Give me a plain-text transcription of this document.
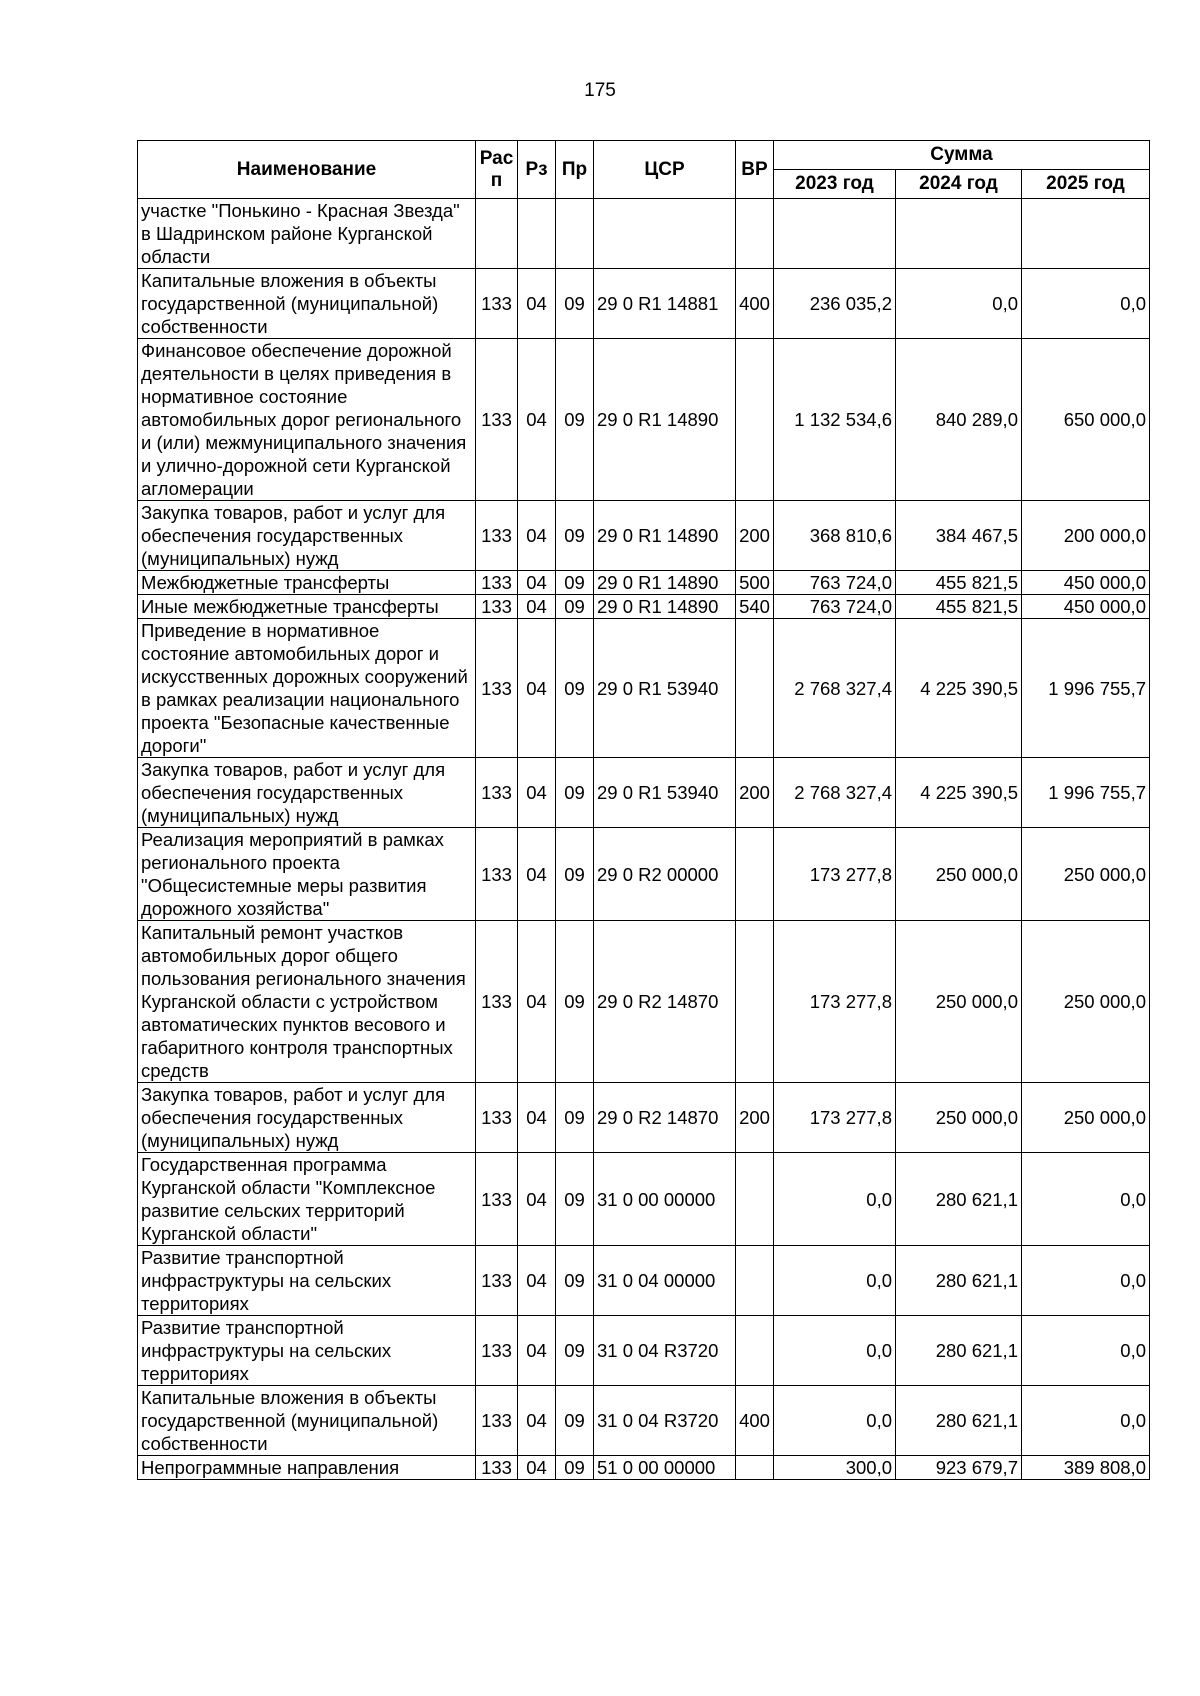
175
Наименование	Рас п	Рз	Пр	ЦСР	ВР	Сумма		
						2023 год	2024 год	2025 год
участке "Понькино - Красная Звезда" в Шадринском районе Курганской области								
Капитальные вложения в объекты государственной (муниципальной) собственности	133	04	09	29 0 R1 14881	400	236 035,2	0,0	0,0
Финансовое обеспечение дорожной деятельности в целях приведения в нормативное состояние автомобильных дорог регионального и (или) межмуниципального значения и улично-дорожной сети Курганской агломерации	133	04	09	29 0 R1 14890		1 132 534,6	840 289,0	650 000,0
Закупка товаров, работ и услуг для обеспечения государственных (муниципальных) нужд	133	04	09	29 0 R1 14890	200	368 810,6	384 467,5	200 000,0
Межбюджетные трансферты	133	04	09	29 0 R1 14890	500	763 724,0	455 821,5	450 000,0
Иные межбюджетные трансферты	133	04	09	29 0 R1 14890	540	763 724,0	455 821,5	450 000,0
Приведение в нормативное состояние автомобильных дорог и искусственных дорожных сооружений в рамках реализации национального проекта "Безопасные качественные дороги"	133	04	09	29 0 R1 53940		2 768 327,4	4 225 390,5	1 996 755,7
Закупка товаров, работ и услуг для обеспечения государственных (муниципальных) нужд	133	04	09	29 0 R1 53940	200	2 768 327,4	4 225 390,5	1 996 755,7
Реализация мероприятий в рамках регионального проекта "Общесистемные меры развития дорожного хозяйства"	133	04	09	29 0 R2 00000		173 277,8	250 000,0	250 000,0
Капитальный ремонт участков автомобильных дорог общего пользования регионального значения Курганской области с устройством автоматических пунктов весового и габаритного контроля транспортных средств	133	04	09	29 0 R2 14870		173 277,8	250 000,0	250 000,0
Закупка товаров, работ и услуг для обеспечения государственных (муниципальных) нужд	133	04	09	29 0 R2 14870	200	173 277,8	250 000,0	250 000,0
Государственная программа Курганской области "Комплексное развитие сельских территорий Курганской области"	133	04	09	31 0 00 00000		0,0	280 621,1	0,0
Развитие транспортной инфраструктуры на сельских территориях	133	04	09	31 0 04 00000		0,0	280 621,1	0,0
Развитие транспортной инфраструктуры на сельских территориях	133	04	09	31 0 04 R3720		0,0	280 621,1	0,0
Капитальные вложения в объекты государственной (муниципальной) собственности	133	04	09	31 0 04 R3720	400	0,0	280 621,1	0,0
Непрограммные направления	133	04	09	51 0 00 00000		300,0	923 679,7	389 808,0
